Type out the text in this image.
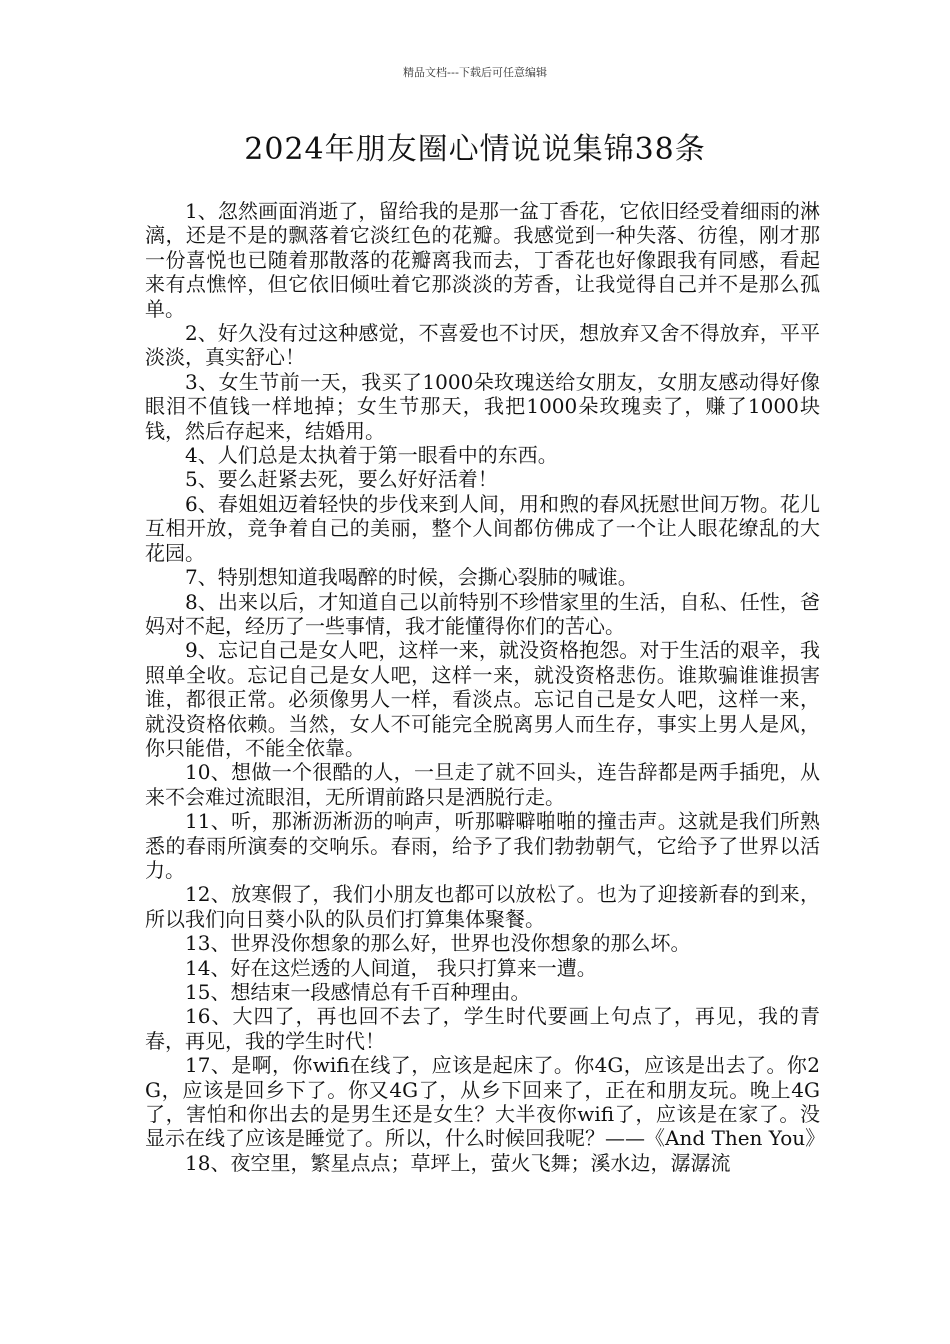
精品文档---下载后可任意编辑
2024年朋友圈心情说说集锦38条

1、忽然画面消逝了，留给我的是那一盆丁香花，它依旧经受着细雨的淋漓，还是不是的飘落着它淡红色的花瓣。我感觉到一种失落、彷徨，刚才那一份喜悦也已随着那散落的花瓣离我而去，丁香花也好像跟我有同感，看起来有点憔悴，但它依旧倾吐着它那淡淡的芳香，让我觉得自己并不是那么孤单。

2、好久没有过这种感觉，不喜爱也不讨厌，想放弃又舍不得放弃，平平淡淡，真实舒心！

3、女生节前一天，我买了1000朵玫瑰送给女朋友，女朋友感动得好像眼泪不值钱一样地掉；女生节那天，我把1000朵玫瑰卖了，赚了1000块钱，然后存起来，结婚用。

4、人们总是太执着于第一眼看中的东西。

5、要么赶紧去死，要么好好活着！

6、春姐姐迈着轻快的步伐来到人间，用和煦的春风抚慰世间万物。花儿互相开放，竞争着自己的美丽，整个人间都仿佛成了一个让人眼花缭乱的大花园。

7、特别想知道我喝醉的时候，会撕心裂肺的喊谁。

8、出来以后，才知道自己以前特别不珍惜家里的生活，自私、任性，爸妈对不起，经历了一些事情，我才能懂得你们的苦心。

9、忘记自己是女人吧，这样一来，就没资格抱怨。对于生活的艰辛，我照单全收。忘记自己是女人吧，这样一来，就没资格悲伤。谁欺骗谁谁损害谁，都很正常。必须像男人一样，看淡点。忘记自己是女人吧，这样一来，就没资格依赖。当然，女人不可能完全脱离男人而生存，事实上男人是风，你只能借，不能全依靠。

10、想做一个很酷的人，一旦走了就不回头，连告辞都是两手插兜，从来不会难过流眼泪，无所谓前路只是洒脱行走。

11、听，那淅沥淅沥的响声，听那噼噼啪啪的撞击声。这就是我们所熟悉的春雨所演奏的交响乐。春雨，给予了我们勃勃朝气，它给予了世界以活力。

12、放寒假了，我们小朋友也都可以放松了。也为了迎接新春的到来，所以我们向日葵小队的队员们打算集体聚餐。

13、世界没你想象的那么好，世界也没你想象的那么坏。

14、好在这烂透的人间道， 我只打算来一遭。

15、想结束一段感情总有千百种理由。

16、大四了，再也回不去了，学生时代要画上句点了，再见，我的青春，再见，我的学生时代！

17、是啊，你wifi在线了，应该是起床了。你4G，应该是出去了。你2G，应该是回乡下了。你又4G了，从乡下回来了，正在和朋友玩。晚上4G了，害怕和你出去的是男生还是女生？大半夜你wifi了，应该是在家了。没显示在线了应该是睡觉了。所以，什么时候回我呢？——《And Then You》

18、夜空里，繁星点点；草坪上，萤火飞舞；溪水边，潺潺流
